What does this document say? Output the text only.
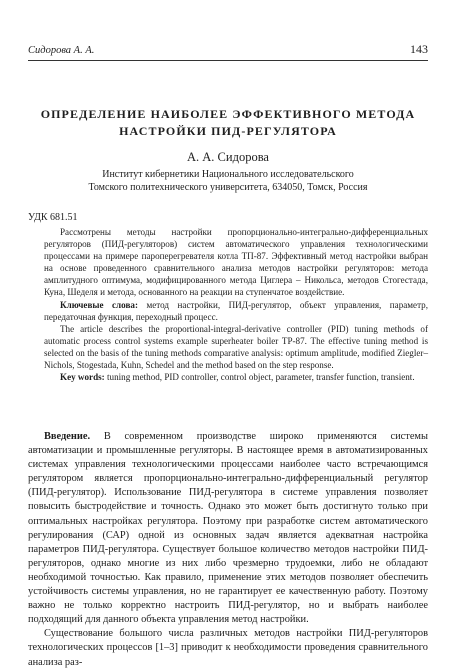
Сидорова А. А.	143
ОПРЕДЕЛЕНИЕ НАИБОЛЕЕ ЭФФЕКТИВНОГО МЕТОДА
НАСТРОЙКИ ПИД-РЕГУЛЯТОРА
А. А. Сидорова
Институт кибернетики Национального исследовательского
Томского политехнического университета, 634050, Томск, Россия
УДК 681.51

Рассмотрены методы настройки пропорционально-интегрально-дифференциальных регуляторов (ПИД-регуляторов) систем автоматического управления технологическими процессами на примере пароперегревателя котла ТП-87. Эффективный метод настройки выбран на основе проведенного сравнительного анализа методов настройки регуляторов: метода амплитудного оптимума, модифицированного метода Циглера – Никольса, методов Стогестада, Куна, Шеделя и метода, основанного на реакции на ступенчатое воздействие.

Ключевые слова: метод настройки, ПИД-регулятор, объект управления, параметр, передаточная функция, переходный процесс.

The article describes the proportional-integral-derivative controller (PID) tuning methods of automatic process control systems example superheater boiler TP-87. The effective tuning method is selected on the basis of the tuning methods comparative analysis: optimum amplitude, modified Ziegler–Nichols, Stogestada, Kuhn, Schedel and the method based on the step response.

Key words: tuning method, PID controller, control object, parameter, transfer function, transient.

Введение. В современном производстве широко применяются системы автоматизации и промышленные регуляторы. В настоящее время в автоматизированных системах управления технологическими процессами наиболее часто встречающимся регулятором является пропорционально-интегрально-дифференциальный регулятор (ПИД-регулятор). Использование ПИД-регулятора в системе управления позволяет повысить быстродействие и точность. Однако это может быть достигнуто только при оптимальных настройках регулятора. Поэтому при разработке систем автоматического регулирования (САР) одной из основных задач является адекватная настройка параметров ПИД-регулятора. Существует большое количество методов настройки ПИД-регуляторов, однако многие из них либо чрезмерно трудоемки, либо не обладают необходимой точностью. Как правило, применение этих методов позволяет обеспечить устойчивость системы управления, но не гарантирует ее качественную работу. Поэтому важно не только корректно настроить ПИД-регулятор, но и выбрать наиболее подходящий для данного объекта управления метод настройки.

Существование большого числа различных методов настройки ПИД-регуляторов технологических процессов [1–3] приводит к необходимости проведения сравнительного анализа раз-
